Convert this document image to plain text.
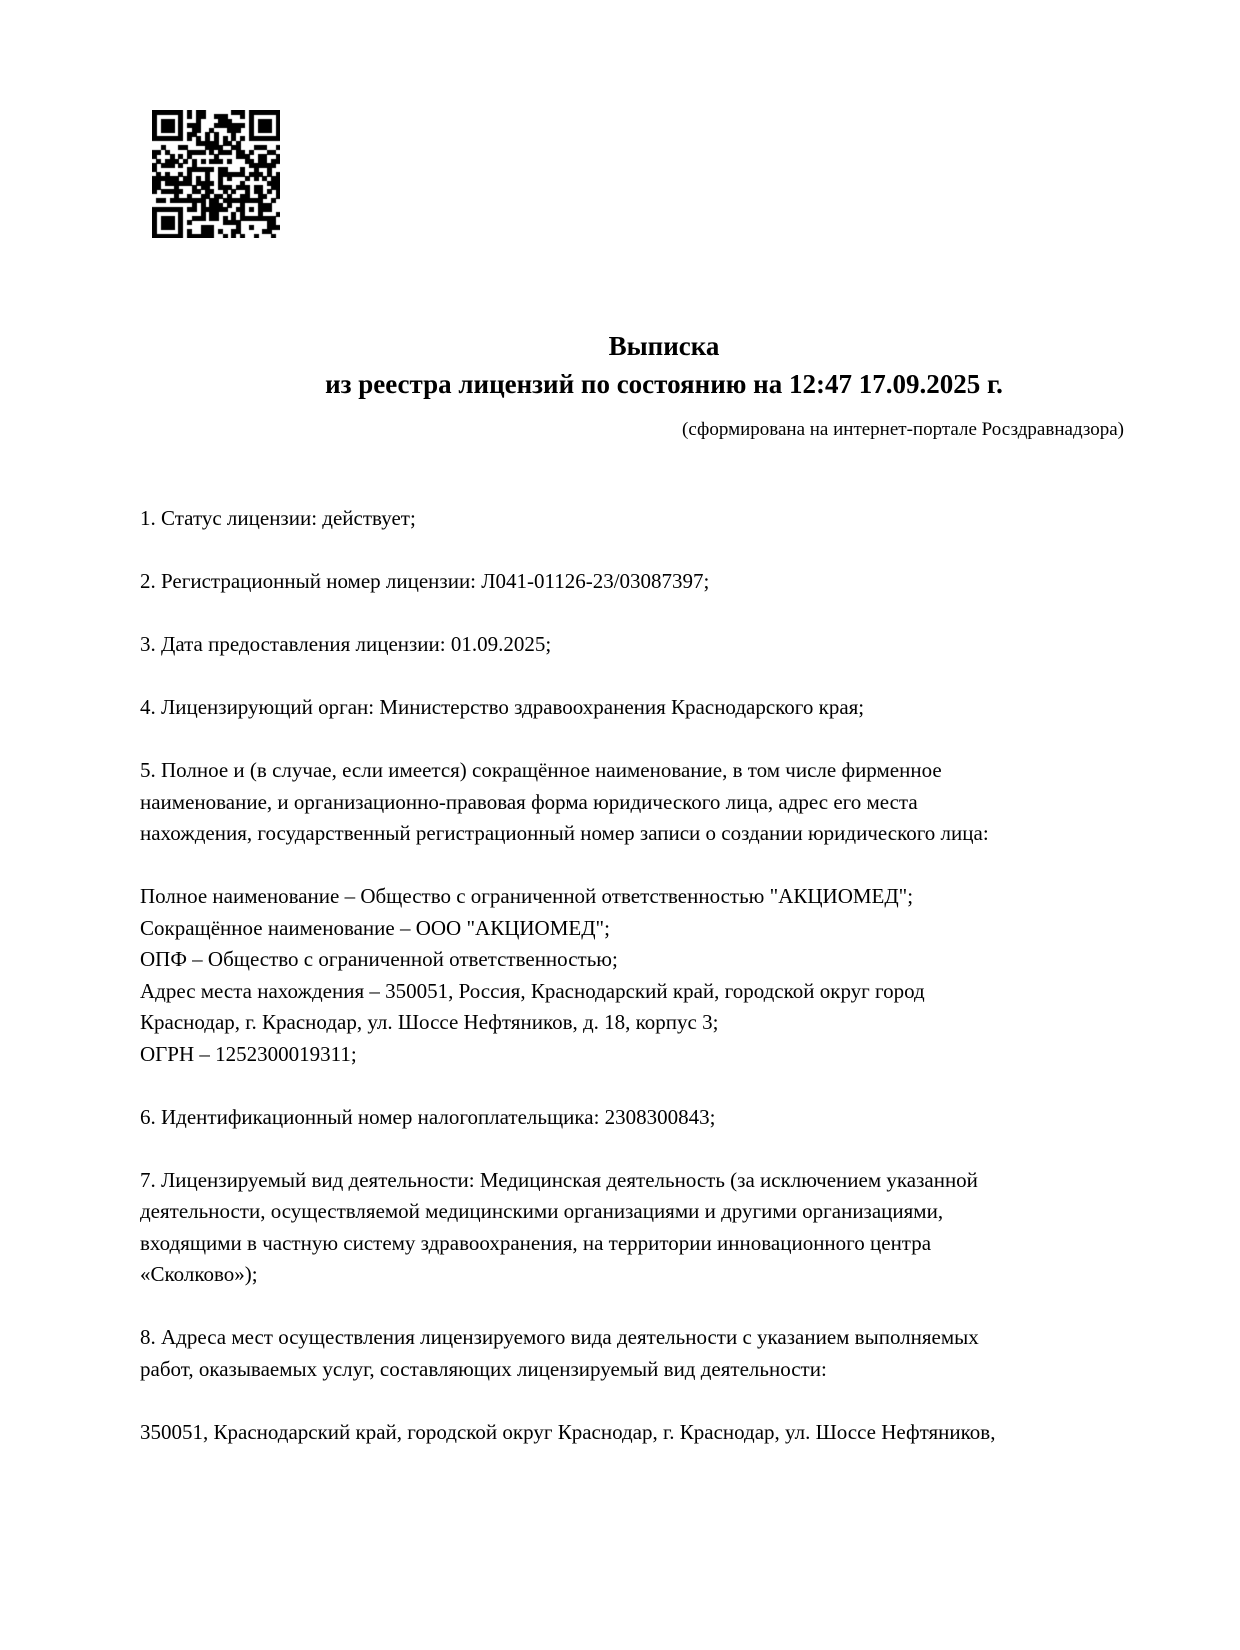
Выписка
из реестра лицензий по состоянию на 12:47 17.09.2025 г.
(сформирована на интернет-портале Росздравнадзора)

1. Статус лицензии: действует;

2. Регистрационный номер лицензии: Л041-01126-23/03087397;

3. Дата предоставления лицензии: 01.09.2025;

4. Лицензирующий орган: Министерство здравоохранения Краснодарского края;

5. Полное и (в случае, если имеется) сокращённое наименование, в том числе фирменное
наименование, и организационно-правовая форма юридического лица, адрес его места
нахождения, государственный регистрационный номер записи о создании юридического лица:

Полное наименование – Общество с ограниченной ответственностью "АКЦИОМЕД";
Сокращённое наименование – ООО "АКЦИОМЕД";
ОПФ – Общество с ограниченной ответственностью;
Адрес места нахождения – 350051, Россия, Краснодарский край, городской округ город
Краснодар, г. Краснодар, ул. Шоссе Нефтяников, д. 18, корпус 3;
ОГРН – 1252300019311;

6. Идентификационный номер налогоплательщика: 2308300843;

7. Лицензируемый вид деятельности: Медицинская деятельность (за исключением указанной
деятельности, осуществляемой медицинскими организациями и другими организациями,
входящими в частную систему здравоохранения, на территории инновационного центра
«Сколково»);

8. Адреса мест осуществления лицензируемого вида деятельности с указанием выполняемых
работ, оказываемых услуг, составляющих лицензируемый вид деятельности:

350051, Краснодарский край, городской округ Краснодар, г. Краснодар, ул. Шоссе Нефтяников,
